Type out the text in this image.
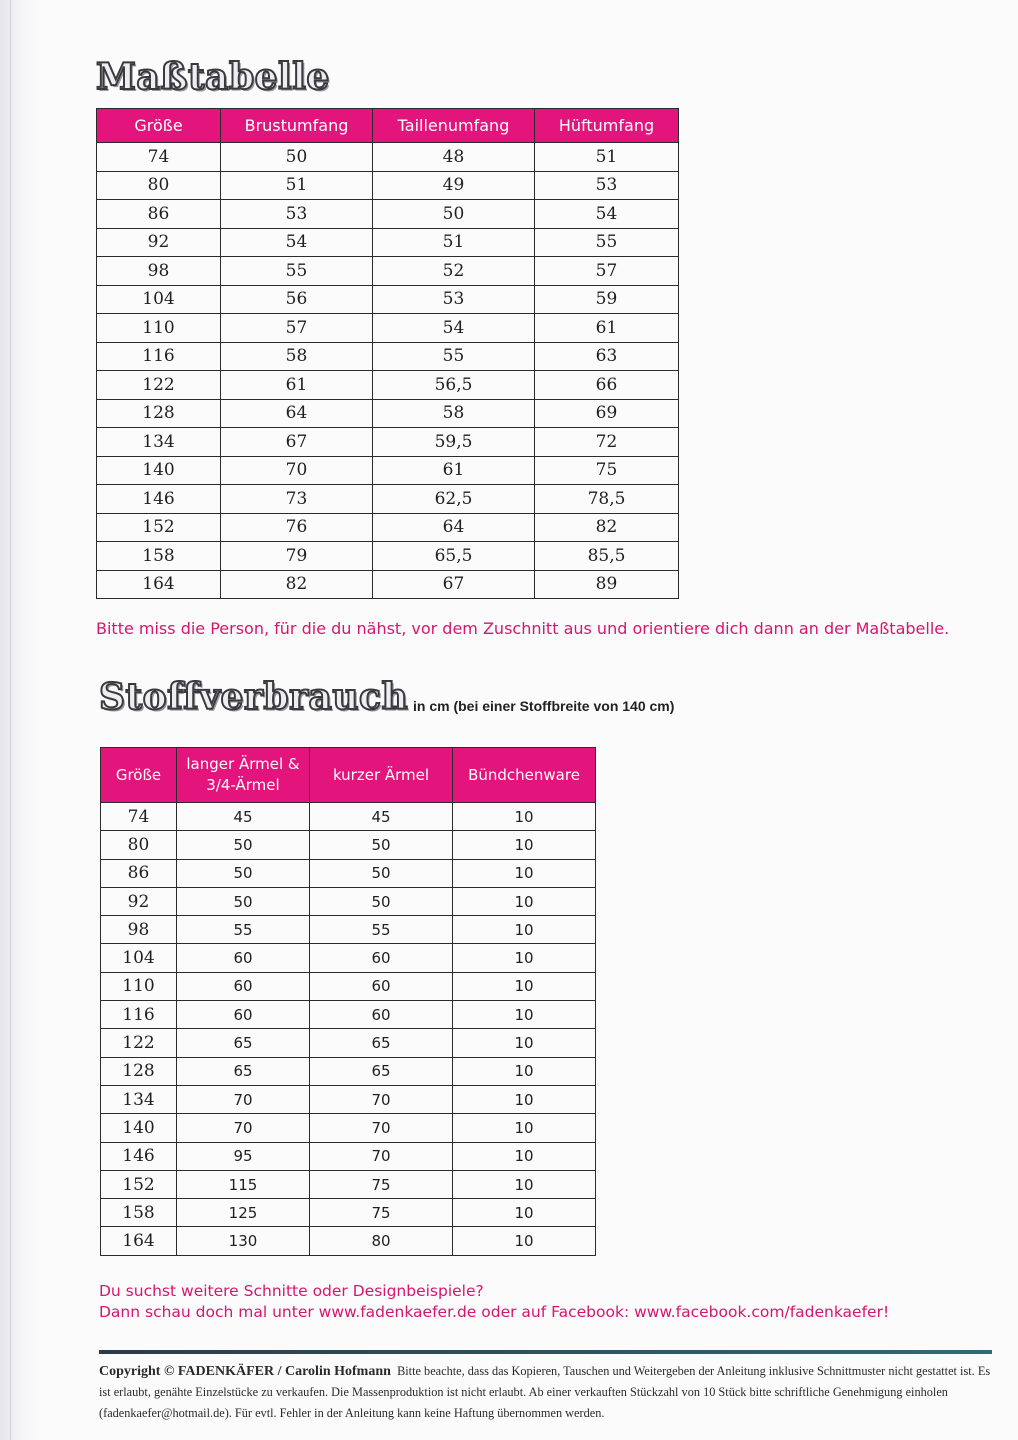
Maßtabelle
Größe	Brustumfang	Taillenumfang	Hüftumfang
74	50	48	51
80	51	49	53
86	53	50	54
92	54	51	55
98	55	52	57
104	56	53	59
110	57	54	61
116	58	55	63
122	61	56,5	66
128	64	58	69
134	67	59,5	72
140	70	61	75
146	73	62,5	78,5
152	76	64	82
158	79	65,5	85,5
164	82	67	89

Bitte miss die Person, für die du nähst, vor dem Zuschnitt aus und orientiere dich dann an der Maßtabelle.

Stoffverbrauch in cm (bei einer Stoffbreite von 140 cm)
Größe	langer Ärmel & 3/4-Ärmel	kurzer Ärmel	Bündchenware
74	45	45	10
80	50	50	10
86	50	50	10
92	50	50	10
98	55	55	10
104	60	60	10
110	60	60	10
116	60	60	10
122	65	65	10
128	65	65	10
134	70	70	10
140	70	70	10
146	95	70	10
152	115	75	10
158	125	75	10
164	130	80	10

Du suchst weitere Schnitte oder Designbeispiele?

Dann schau doch mal unter www.fadenkaefer.de oder auf Facebook: www.facebook.com/fadenkaefer!

Copyright © FADENKÄFER / Carolin Hofmann Bitte beachte, dass das Kopieren, Tauschen und Weitergeben der Anleitung inklusive Schnittmuster nicht gestattet ist. Es ist erlaubt, genähte Einzelstücke zu verkaufen. Die Massenproduktion ist nicht erlaubt. Ab einer verkauften Stückzahl von 10 Stück bitte schriftliche Genehmigung einholen (fadenkaefer@hotmail.de). Für evtl. Fehler in der Anleitung kann keine Haftung übernommen werden.
